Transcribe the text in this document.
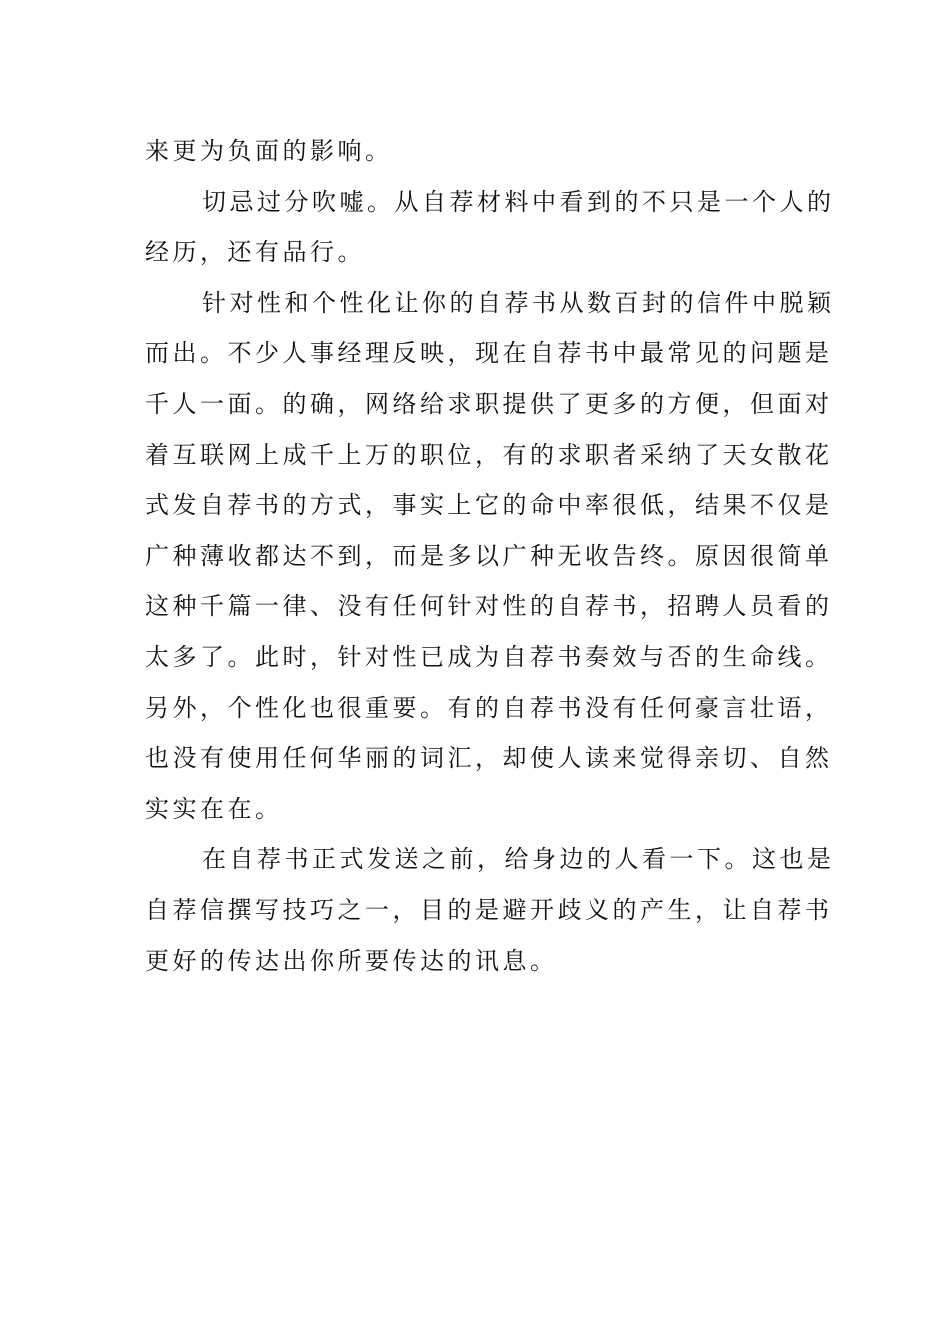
来更为负面的影响。
切忌过分吹嘘。从自荐材料中看到的不只是一个人的
经历，还有品行。
针对性和个性化让你的自荐书从数百封的信件中脱颖
而出。不少人事经理反映，现在自荐书中最常见的问题是
千人一面。的确，网络给求职提供了更多的方便，但面对
着互联网上成千上万的职位，有的求职者采纳了天女散花
式发自荐书的方式，事实上它的命中率很低，结果不仅是
广种薄收都达不到，而是多以广种无收告终。原因很简单
这种千篇一律、没有任何针对性的自荐书，招聘人员看的
太多了。此时，针对性已成为自荐书奏效与否的生命线。
另外，个性化也很重要。有的自荐书没有任何豪言壮语，
也没有使用任何华丽的词汇，却使人读来觉得亲切、自然
实实在在。
在自荐书正式发送之前，给身边的人看一下。这也是
自荐信撰写技巧之一，目的是避开歧义的产生，让自荐书
更好的传达出你所要传达的讯息。
